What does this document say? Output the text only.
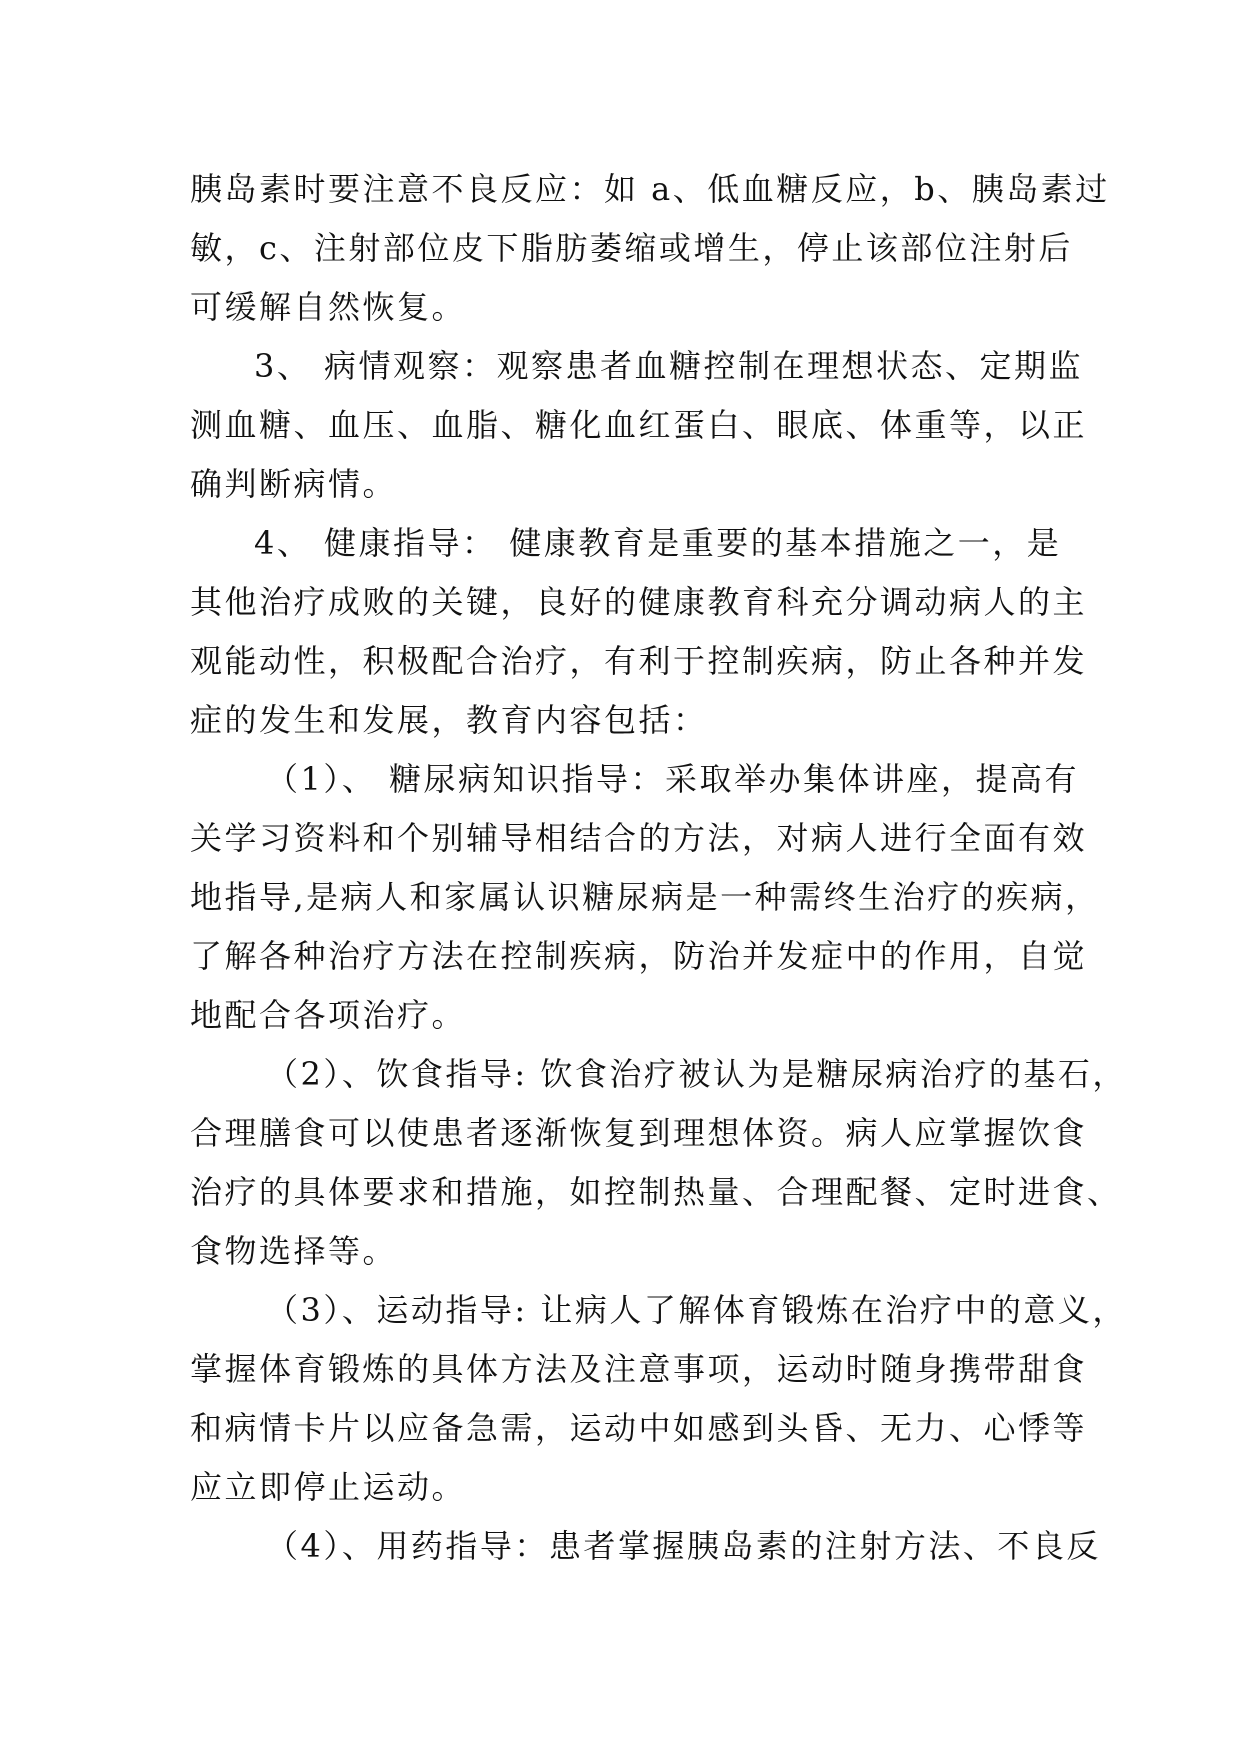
胰岛素时要注意不良反应：如 a、低血糖反应，b、胰岛素过
敏，c、注射部位皮下脂肪萎缩或增生，停止该部位注射后
可缓解自然恢复。
3、 病情观察：观察患者血糖控制在理想状态、定期监
测血糖、血压、血脂、糖化血红蛋白、眼底、体重等，以正
确判断病情。
4、 健康指导： 健康教育是重要的基本措施之一，是
其他治疗成败的关键，良好的健康教育科充分调动病人的主
观能动性，积极配合治疗，有利于控制疾病，防止各种并发
症的发生和发展，教育内容包括：
（1）、 糖尿病知识指导：采取举办集体讲座，提高有
关学习资料和个别辅导相结合的方法，对病人进行全面有效
地指导,是病人和家属认识糖尿病是一种需终生治疗的疾病，
了解各种治疗方法在控制疾病，防治并发症中的作用，自觉
地配合各项治疗。
（2）、饮食指导: 饮食治疗被认为是糖尿病治疗的基石，
合理膳食可以使患者逐渐恢复到理想体资。病人应掌握饮食
治疗的具体要求和措施，如控制热量、合理配餐、定时进食、
食物选择等。
（3）、运动指导: 让病人了解体育锻炼在治疗中的意义，
掌握体育锻炼的具体方法及注意事项，运动时随身携带甜食
和病情卡片以应备急需，运动中如感到头昏、无力、心悸等
应立即停止运动。
（4）、用药指导：患者掌握胰岛素的注射方法、不良反
